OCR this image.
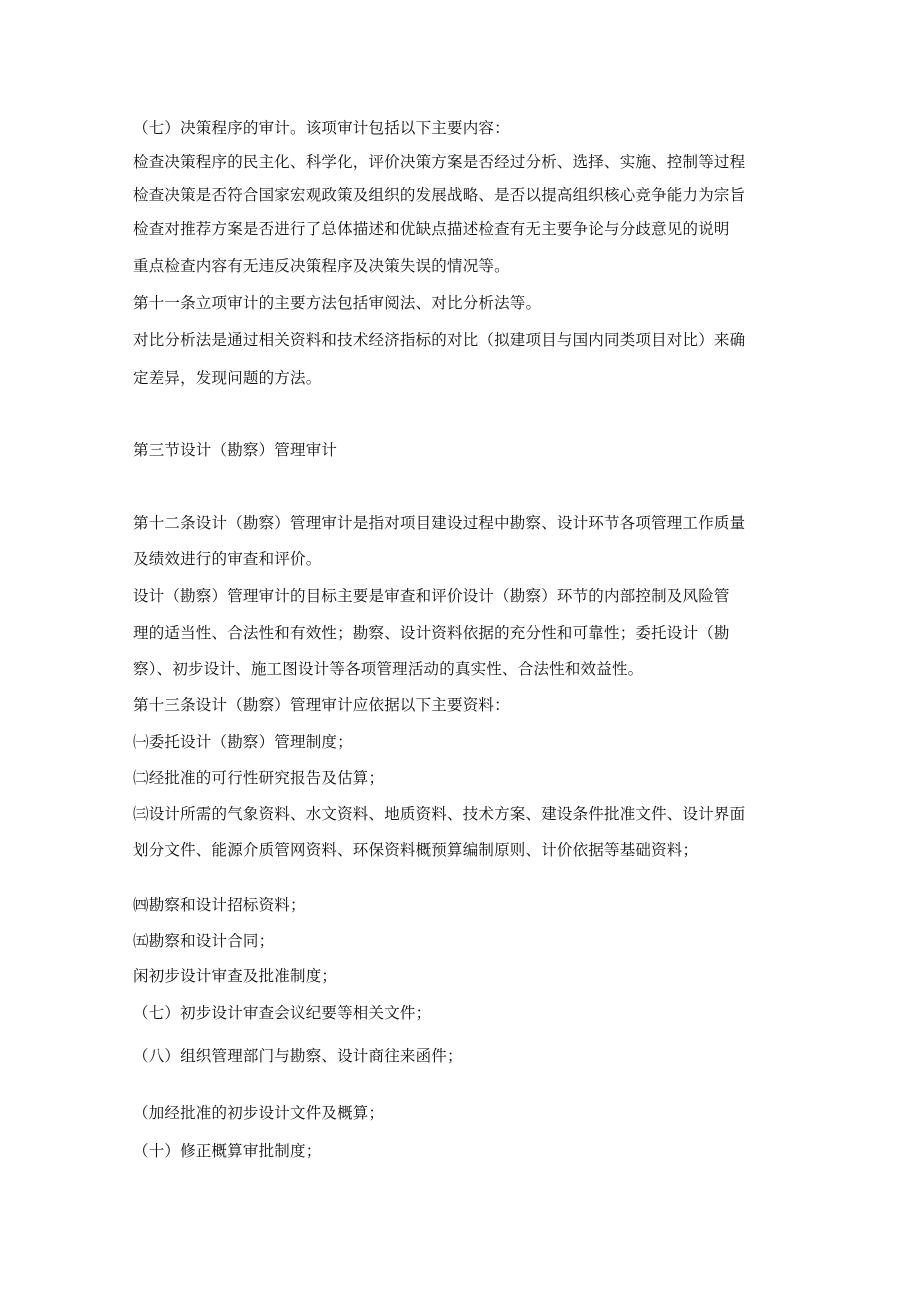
（七）决策程序的审计。该项审计包括以下主要内容：

检查决策程序的民主化、科学化，评价决策方案是否经过分析、选择、实施、控制等过程

检查决策是否符合国家宏观政策及组织的发展战略、是否以提高组织核心竞争能力为宗旨

检查对推荐方案是否进行了总体描述和优缺点描述检查有无主要争论与分歧意见的说明

重点检查内容有无违反决策程序及决策失误的情况等。

第十一条立项审计的主要方法包括审阅法、对比分析法等。

对比分析法是通过相关资料和技术经济指标的对比（拟建项目与国内同类项目对比）来确

定差异，发现问题的方法。

第三节设计（勘察）管理审计

第十二条设计（勘察）管理审计是指对项目建设过程中勘察、设计环节各项管理工作质量

及绩效进行的审查和评价。

设计（勘察）管理审计的目标主要是审查和评价设计（勘察）环节的内部控制及风险管

理的适当性、合法性和有效性；勘察、设计资料依据的充分性和可靠性；委托设计（勘

察）、初步设计、施工图设计等各项管理活动的真实性、合法性和效益性。

第十三条设计（勘察）管理审计应依据以下主要资料：

㈠委托设计（勘察）管理制度；

㈡经批准的可行性研究报告及估算；

㈢设计所需的气象资料、水文资料、地质资料、技术方案、建设条件批准文件、设计界面

划分文件、能源介质管网资料、环保资料概预算编制原则、计价依据等基础资料；

㈣勘察和设计招标资料；

㈤勘察和设计合同；

闲初步设计审查及批准制度；

（七）初步设计审查会议纪要等相关文件；

（八）组织管理部门与勘察、设计商往来函件；

（加经批准的初步设计文件及概算；

（十）修正概算审批制度；
